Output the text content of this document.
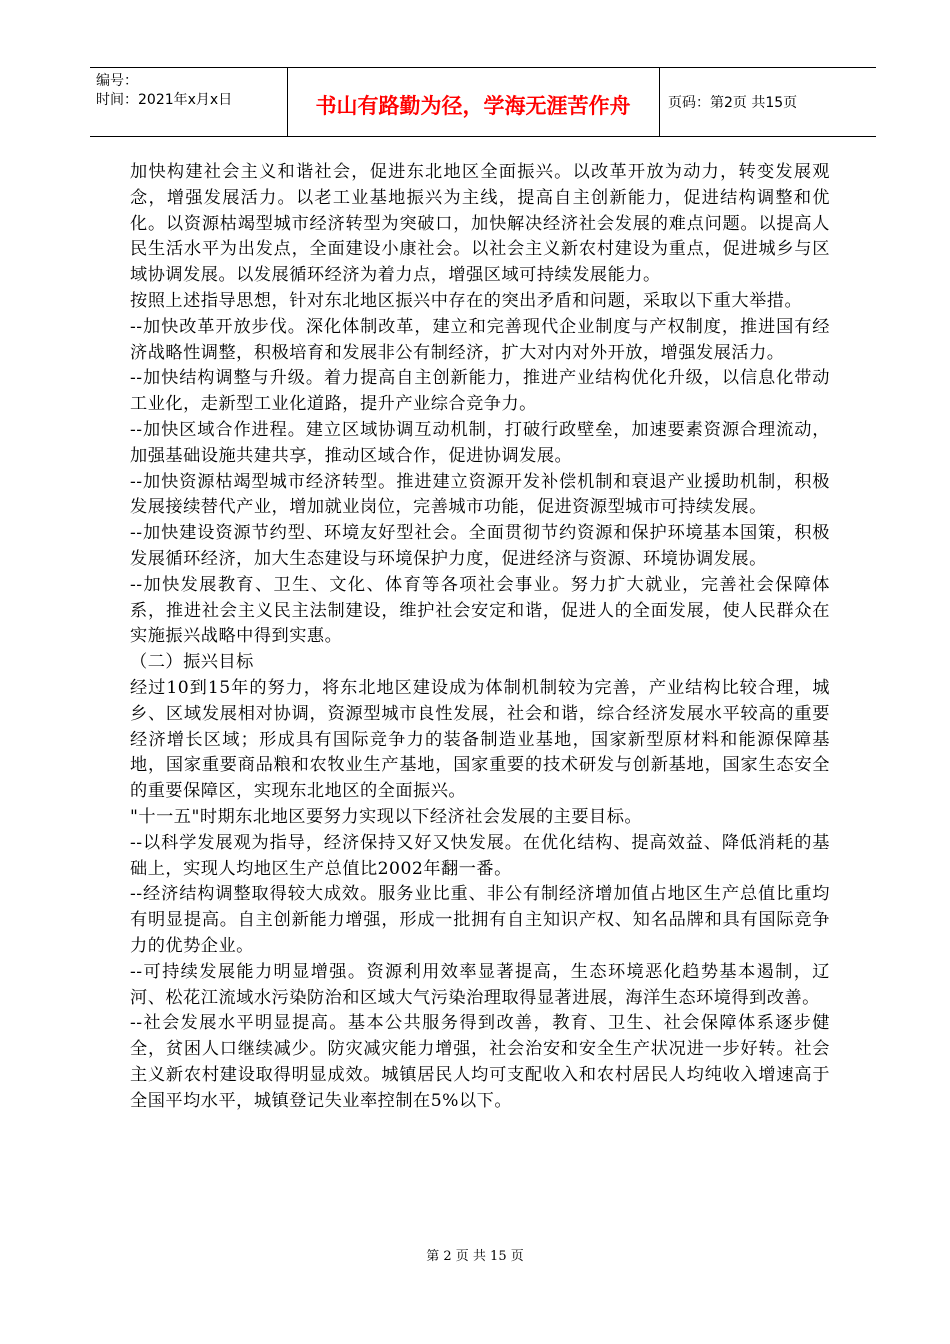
编号：
时间：2021年x月x日	书山有路勤为径，学海无涯苦作舟	页码：第2页 共15页

加快构建社会主义和谐社会，促进东北地区全面振兴。以改革开放为动力，转变发展观念，增强发展活力。以老工业基地振兴为主线，提高自主创新能力，促进结构调整和优化。以资源枯竭型城市经济转型为突破口，加快解决经济社会发展的难点问题。以提高人民生活水平为出发点，全面建设小康社会。以社会主义新农村建设为重点，促进城乡与区域协调发展。以发展循环经济为着力点，增强区域可持续发展能力。

按照上述指导思想，针对东北地区振兴中存在的突出矛盾和问题，采取以下重大举措。

--加快改革开放步伐。深化体制改革，建立和完善现代企业制度与产权制度，推进国有经济战略性调整，积极培育和发展非公有制经济，扩大对内对外开放，增强发展活力。

--加快结构调整与升级。着力提高自主创新能力，推进产业结构优化升级，以信息化带动工业化，走新型工业化道路，提升产业综合竞争力。

--加快区域合作进程。建立区域协调互动机制，打破行政壁垒，加速要素资源合理流动，加强基础设施共建共享，推动区域合作，促进协调发展。

--加快资源枯竭型城市经济转型。推进建立资源开发补偿机制和衰退产业援助机制，积极发展接续替代产业，增加就业岗位，完善城市功能，促进资源型城市可持续发展。

--加快建设资源节约型、环境友好型社会。全面贯彻节约资源和保护环境基本国策，积极发展循环经济，加大生态建设与环境保护力度，促进经济与资源、环境协调发展。

--加快发展教育、卫生、文化、体育等各项社会事业。努力扩大就业，完善社会保障体系，推进社会主义民主法制建设，维护社会安定和谐，促进人的全面发展，使人民群众在实施振兴战略中得到实惠。

（二）振兴目标

经过10到15年的努力，将东北地区建设成为体制机制较为完善，产业结构比较合理，城乡、区域发展相对协调，资源型城市良性发展，社会和谐，综合经济发展水平较高的重要经济增长区域；形成具有国际竞争力的装备制造业基地，国家新型原材料和能源保障基地，国家重要商品粮和农牧业生产基地，国家重要的技术研发与创新基地，国家生态安全的重要保障区，实现东北地区的全面振兴。

"十一五"时期东北地区要努力实现以下经济社会发展的主要目标。

--以科学发展观为指导，经济保持又好又快发展。在优化结构、提高效益、降低消耗的基础上，实现人均地区生产总值比2002年翻一番。

--经济结构调整取得较大成效。服务业比重、非公有制经济增加值占地区生产总值比重均有明显提高。自主创新能力增强，形成一批拥有自主知识产权、知名品牌和具有国际竞争力的优势企业。

--可持续发展能力明显增强。资源利用效率显著提高，生态环境恶化趋势基本遏制，辽河、松花江流域水污染防治和区域大气污染治理取得显著进展，海洋生态环境得到改善。

--社会发展水平明显提高。基本公共服务得到改善，教育、卫生、社会保障体系逐步健全，贫困人口继续减少。防灾减灾能力增强，社会治安和安全生产状况进一步好转。社会主义新农村建设取得明显成效。城镇居民人均可支配收入和农村居民人均纯收入增速高于全国平均水平，城镇登记失业率控制在5%以下。

第 2 页 共 15 页
